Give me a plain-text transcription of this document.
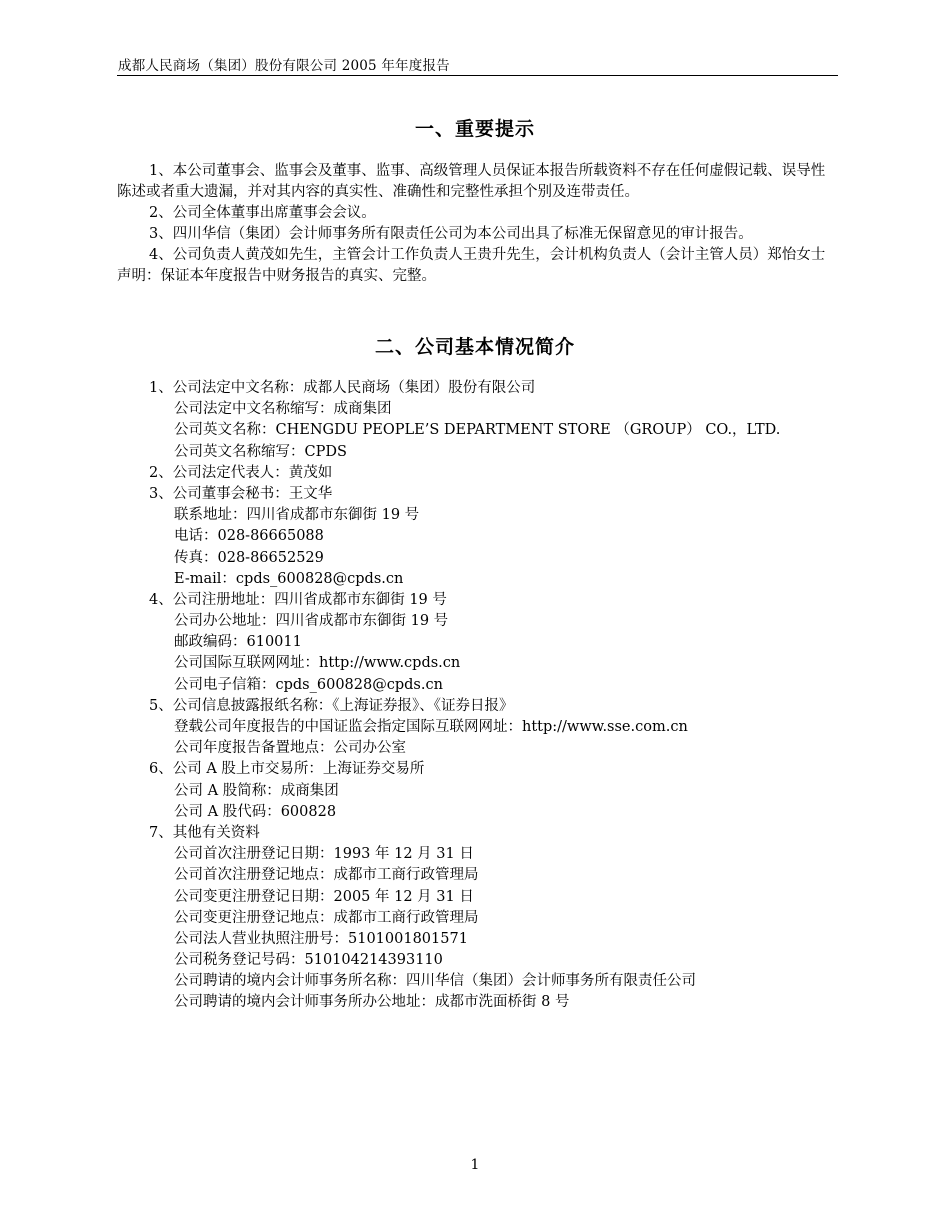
成都人民商场（集团）股份有限公司 2005 年年度报告
一、重要提示

1、本公司董事会、监事会及董事、监事、高级管理人员保证本报告所载资料不存在任何虚假记载、误导性陈述或者重大遗漏，并对其内容的真实性、准确性和完整性承担个别及连带责任。

2、公司全体董事出席董事会会议。

3、四川华信（集团）会计师事务所有限责任公司为本公司出具了标准无保留意见的审计报告。

4、公司负责人黄茂如先生，主管会计工作负责人王贵升先生，会计机构负责人（会计主管人员）郑怡女士声明：保证本年度报告中财务报告的真实、完整。

二、公司基本情况简介
1、公司法定中文名称：成都人民商场（集团）股份有限公司
公司法定中文名称缩写：成商集团
公司英文名称：CHENGDU PEOPLE’S DEPARTMENT STORE （GROUP） CO.，LTD.
公司英文名称缩写：CPDS
2、公司法定代表人：黄茂如
3、公司董事会秘书：王文华
联系地址：四川省成都市东御街 19 号
电话：028-86665088
传真：028-86652529
E-mail：cpds_600828@cpds.cn
4、公司注册地址：四川省成都市东御街 19 号
公司办公地址：四川省成都市东御街 19 号
邮政编码：610011
公司国际互联网网址：http://www.cpds.cn
公司电子信箱：cpds_600828@cpds.cn
5、公司信息披露报纸名称：《上海证券报》、《证券日报》
登载公司年度报告的中国证监会指定国际互联网网址：http://www.sse.com.cn
公司年度报告备置地点：公司办公室
6、公司 A 股上市交易所：上海证券交易所
公司 A 股简称：成商集团
公司 A 股代码：600828
7、其他有关资料
公司首次注册登记日期：1993 年 12 月 31 日
公司首次注册登记地点：成都市工商行政管理局
公司变更注册登记日期：2005 年 12 月 31 日
公司变更注册登记地点：成都市工商行政管理局
公司法人营业执照注册号：5101001801571
公司税务登记号码：510104214393110
公司聘请的境内会计师事务所名称：四川华信（集团）会计师事务所有限责任公司
公司聘请的境内会计师事务所办公地址：成都市洗面桥街 8 号
1
